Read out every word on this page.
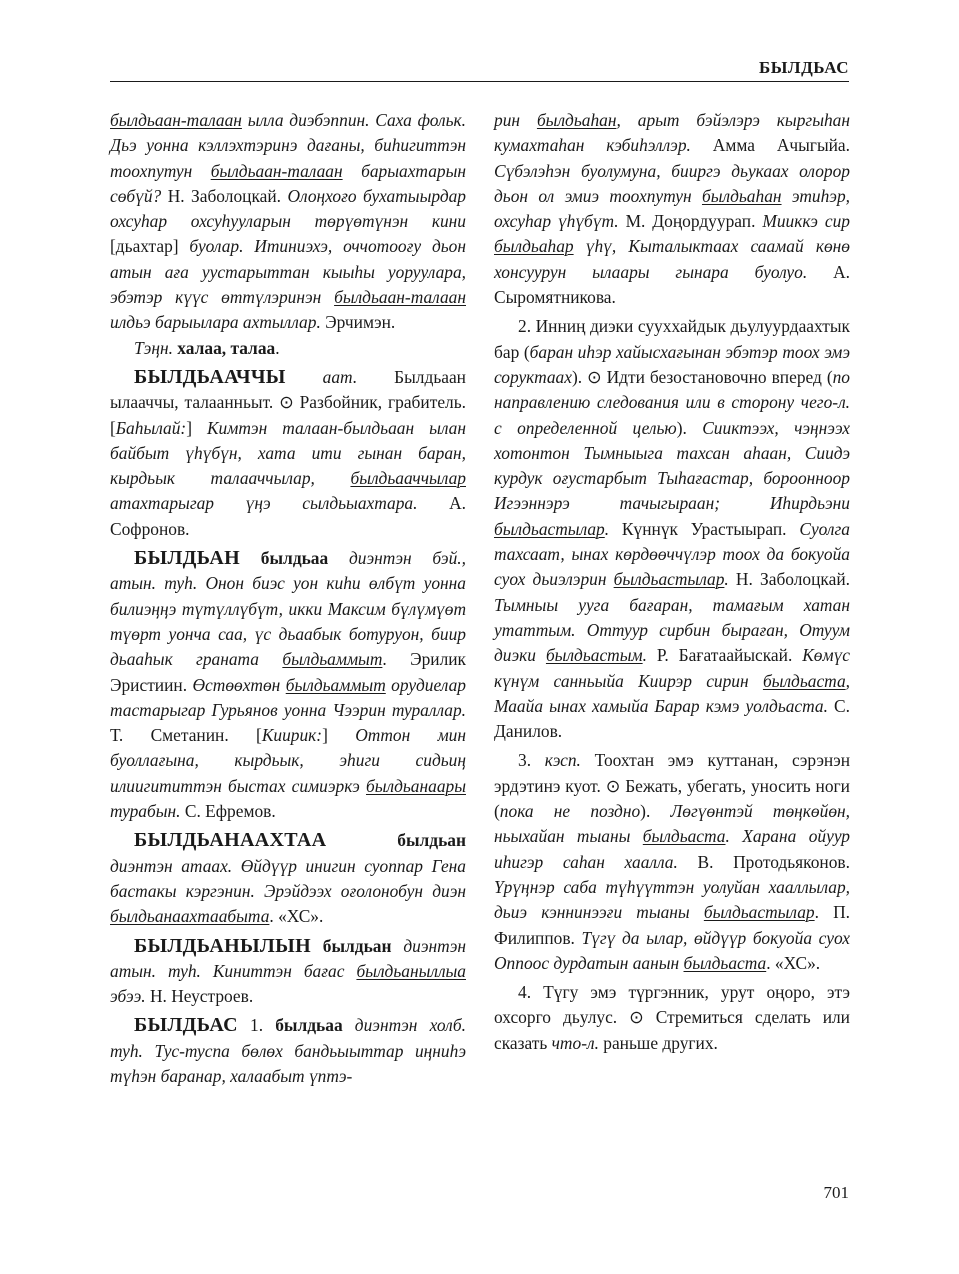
БЫЛДЬАС

былдьаан-талаан ылла диэбэппин. Саха фольк. Дьэ уонна кэллэхтэринэ дағаны, биһигиттэн тоохпутун былдьаан-талаан барыахтарын сөбүй? Н. Заболоцкай. Олоңхоғо бухатыырдар охсуһар охсуһууларын төрүөтүнэн кини [дьахтар] буолар. Итиниэхэ, оччотооғу дьон атын аға уустарыттан кыыһы уоруулара, эбэтэр күүс өттүлэринэн былдьаан-талаан илдьэ барыылара ахтыллар. Эрчимэн.

Тэңн. халаа, талаа.

БЫЛДЬААЧЧЫ аат. Былдьаан ылааччы, талаанньыт. ⊙ Разбойник, грабитель. [Баһылай:] Кимтэн талаан-былдьаан ылан байбыт үһүбүн, хата ити гынан баран, кырдьык талааччылар, былдьааччылар атахтарыгар үңэ сылдьыахтара. А. Софронов.

БЫЛДЬАН былдьаа диэнтэн бэй., атын. туһ. Онон биэс уон киһи өлбүт уонна билиэңңэ түтүллүбүт, икки Максим бүлүмүөт түөрт уонча саа, үс дьаабык ботуруон, биир дьааһык граната былдьаммыт. Эрилик Эристиин. Өстөөхтөн былдьаммыт орудиелар тастарыгар Гурьянов уонна Чээрин тураллар. Т. Сметанин. [Киирик:] Оттон мин буоллағына, кырдьык, эһиги сидьиң илиигититтэн быстах симиэркэ былдьанаары турабын. С. Ефремов.

БЫЛДЬАНААХТАА былдьан диэнтэн атаах. Өйдүүр инигин суоппар Гена бастакы кэргэнин. Эрэйдээх оғолонобун диэн былдьанаахтаабыта. «ХС».

БЫЛДЬАНЫЛЫН былдьан диэнтэн атын. туһ. Киниттэн бағас былдьаныллыа эбээ. Н. Неустроев.

БЫЛДЬАС 1. былдьаа диэнтэн холб. туһ. Тус-туспа бөлөх бандьыыттар иңниһэ түһэн баранар, халаабыт үптэ-

рин былдьаһан, арыт бэйэлэрэ кыргыһан кумахтаһан кэбиһэллэр. Амма Ачыгыйа. Сүбэлэһэн буолумуна, бииргэ дьукаах олорор дьон ол эмиэ тоохпутун былдьаһан этиһэр, охсуһар үһүбүт. М. Доңордуурап. Мииккэ сир былдьаһар үһү, Кыталыктаах саамай көнө хонсуурун ылаары гынара буолуо. А. Сыромятникова.

2. Инниң диэки сууххайдык дьулуурдаахтык бар (баран иһэр хайысхағынан эбэтэр тоох эмэ соруктаах). ⊙ Идти безостановочно вперед (по направлению следования или в сторону чего-л. с определенной целью). Сииктээх, чэңнээх хотонтон Тымныыга тахсан аһаан, Сиидэ курдук оғустарбыт Тыһағастар, бороонноор Игээннэрэ тачыгыраан; Иһирдьэни былдьастылар. Күннүк Урастыырап. Суолга тахсаат, ынах көрдөөччүлэр тоох да бокуойа суох дьиэлэрин былдьастылар. Н. Заболоцкай. Тымныы ууга бағаран, тамағым хатан утаттым. Оттуур сирбин быраған, Отуум диэки былдьастым. Р. Бағатаайыскай. Көмүс күнүм санньыйа Киирэр сирин былдьаста, Маайа ынах хамыйа Барар кэмэ уолдьаста. С. Данилов.

3. кэсп. Тоохтан эмэ куттанан, сэрэнэн эрдэтинэ куот. ⊙ Бежать, убегать, уносить ноги (пока не поздно). Лөгүөнтэй төңкөйөн, ньыхайан тыаны былдьаста. Харана ойуур иһигэр саһан хаалла. В. Протодьяконов. Үрүңнэр саба түһүүттэн уолуйан хааллылар, дьиэ кэннинээғи тыаны былдьастылар. П. Филиппов. Түгү да ылар, өйдүүр бокуойа суох Оппоос дурдатын аанын былдьаста. «ХС».

4. Түгу эмэ түргэнник, урут оңоро, этэ охсорго дьулус. ⊙ Стремиться сделать или сказать что-л. раньше других.

701
